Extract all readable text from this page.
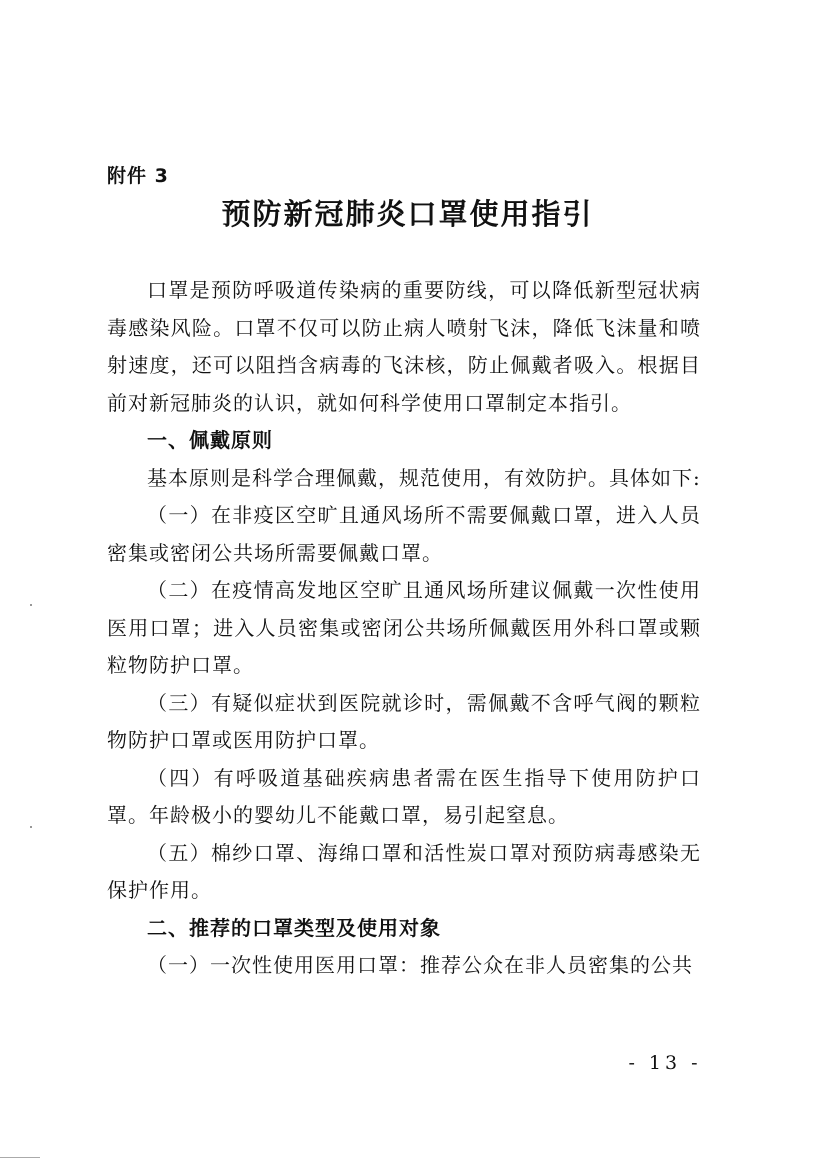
附件 3
预防新冠肺炎口罩使用指引

口罩是预防呼吸道传染病的重要防线，可以降低新型冠状病毒感染风险。口罩不仅可以防止病人喷射飞沫，降低飞沫量和喷射速度，还可以阻挡含病毒的飞沫核，防止佩戴者吸入。根据目前对新冠肺炎的认识，就如何科学使用口罩制定本指引。

一、佩戴原则

基本原则是科学合理佩戴，规范使用，有效防护。具体如下:

（一）在非疫区空旷且通风场所不需要佩戴口罩，进入人员密集或密闭公共场所需要佩戴口罩。

（二）在疫情高发地区空旷且通风场所建议佩戴一次性使用医用口罩；进入人员密集或密闭公共场所佩戴医用外科口罩或颗粒物防护口罩。

（三）有疑似症状到医院就诊时，需佩戴不含呼气阀的颗粒物防护口罩或医用防护口罩。

（四）有呼吸道基础疾病患者需在医生指导下使用防护口罩。年龄极小的婴幼儿不能戴口罩，易引起窒息。

（五）棉纱口罩、海绵口罩和活性炭口罩对预防病毒感染无保护作用。

二、推荐的口罩类型及使用对象

（一）一次性使用医用口罩：推荐公众在非人员密集的公共

- 13 -
